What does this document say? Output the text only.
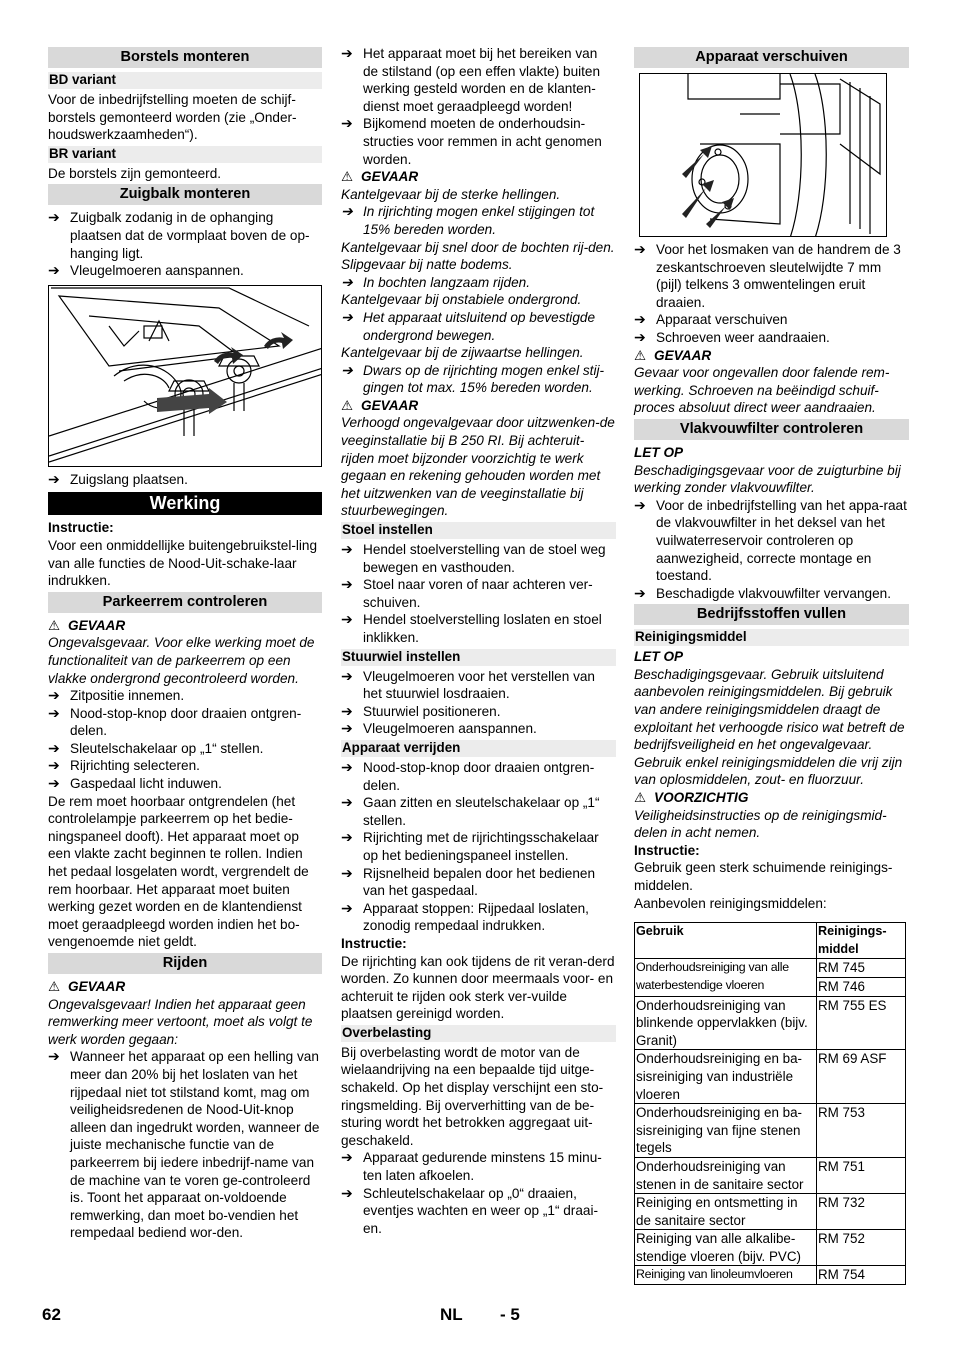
Borstels monteren
BD variant

Voor de inbedrijfstelling moeten de schijf-borstels gemonteerd worden (zie „Onder-houdswerkzaamheden“).

BR variant

De borstels zijn gemonteerd.

Zuigbalk monteren
➔ Zuigbalk zodanig in de ophanging plaatsen dat de vormplaat boven de op-hanging ligt.
➔ Vleugelmoeren aanspannen.
➔ Zuigslang plaatsen.
Werking

Instructie:

Voor een onmiddellijke buitengebruikstel-ling van alle functies de Nood-Uit-schake-laar indrukken.

Parkeerrem controleren

⚠ GEVAAR

Ongevalsgevaar. Voor elke werking moet de functionaliteit van de parkeerrem op een vlakke ondergrond gecontroleerd worden.

➔ Zitpositie innemen.
➔ Nood-stop-knop door draaien ontgren-delen.
➔ Sleutelschakelaar op „1“ stellen.
➔ Rijrichting selecteren.
➔ Gaspedaal licht induwen.

De rem moet hoorbaar ontgrendelen (het controlelampje parkeerrem op het bedie-ningspaneel dooft). Het apparaat moet op een vlakte zacht beginnen te rollen. Indien het pedaal losgelaten wordt, vergrendelt de rem hoorbaar. Het apparaat moet buiten werking gezet worden en de klantendienst moet geraadpleegd worden indien het bo-vengenoemde niet geldt.

Rijden

⚠ GEVAAR

Ongevalsgevaar! Indien het apparaat geen remwerking meer vertoont, moet als volgt te werk worden gegaan:

➔ Wanneer het apparaat op een helling van meer dan 20% bij het loslaten van het rijpedaal niet tot stilstand komt, mag om veiligheidsredenen de Nood-Uit-knop alleen dan ingedrukt worden, wanneer de juiste mechanische functie van de parkeerrem bij iedere inbedrijf-name van de machine van te voren ge-controleerd is. Toont het apparaat on-voldoende remwerking, dan moet bo-vendien het rempedaal bediend wor-den.
➔ Het apparaat moet bij het bereiken van de stilstand (op een effen vlakte) buiten werking gesteld worden en de klanten-dienst moet geraadpleegd worden!
➔ Bijkomend moeten de onderhoudsin-structies voor remmen in acht genomen worden.

⚠ GEVAAR

Kantelgevaar bij de sterke hellingen.

➔ In rijrichting mogen enkel stijgingen tot 15% bereden worden.

Kantelgevaar bij snel door de bochten rij-den.

Slipgevaar bij natte bodems.

➔ In bochten langzaam rijden.

Kantelgevaar bij onstabiele ondergrond.

➔ Het apparaat uitsluitend op bevestigde ondergrond bewegen.

Kantelgevaar bij de zijwaartse hellingen.

➔ Dwars op de rijrichting mogen enkel stij-gingen tot max. 15% bereden worden.

⚠ GEVAAR

Verhoogd ongevalgevaar door uitzwenken-de veeginstallatie bij B 250 RI. Bij achteruit-rijden moet bijzonder voorzichtig te werk gegaan en rekening gehouden worden met het uitzwenken van de veeginstallatie bij stuurbewegingen.

Stoel instellen
➔ Hendel stoelverstelling van de stoel weg bewegen en vasthouden.
➔ Stoel naar voren of naar achteren ver-schuiven.
➔ Hendel stoelverstelling loslaten en stoel inklikken.
Stuurwiel instellen
➔ Vleugelmoeren voor het verstellen van het stuurwiel losdraaien.
➔ Stuurwiel positioneren.
➔ Vleugelmoeren aanspannen.
Apparaat verrijden
➔ Nood-stop-knop door draaien ontgren-delen.
➔ Gaan zitten en sleutelschakelaar op „1“ stellen.
➔ Rijrichting met de rijrichtingsschakelaar op het bedieningspaneel instellen.
➔ Rijsnelheid bepalen door het bedienen van het gaspedaal.
➔ Apparaat stoppen: Rijpedaal loslaten, zonodig rempedaal indrukken.

Instructie:

De rijrichting kan ook tijdens de rit veran-derd worden. Zo kunnen door meermaals voor- en achteruit te rijden ook sterk ver-vuilde plaatsen gereinigd worden.

Overbelasting

Bij overbelasting wordt de motor van de wielaandrijving na een bepaalde tijd uitge-schakeld. Op het display verschijnt een sto-ringsmelding. Bij oververhitting van de be-sturing wordt het betrokken aggregaat uit-geschakeld.

➔ Apparaat gedurende minstens 15 minu-ten laten afkoelen.
➔ Schleutelschakelaar op „0“ draaien, eventjes wachten en weer op „1“ draai-en.
Apparaat verschuiven
➔ Voor het losmaken van de handrem de 3 zeskantschroeven sleutelwijdte 7 mm (pijl) telkens 3 omwentelingen eruit draaien.
➔ Apparaat verschuiven
➔ Schroeven weer aandraaien.

⚠ GEVAAR

Gevaar voor ongevallen door falende rem-werking. Schroeven na beëindigd schuif-proces absoluut direct weer aandraaien.

Vlakvouwfilter controleren

LET OP

Beschadigingsgevaar voor de zuigturbine bij werking zonder vlakvouwfilter.

➔ Voor de inbedrijfstelling van het appa-raat de vlakvouwfilter in het deksel van het vuilwaterreservoir controleren op aanwezigheid, correcte montage en toestand.
➔ Beschadigde vlakvouwfilter vervangen.
Bedrijfsstoffen vullen
Reinigingsmiddel

LET OP

Beschadigingsgevaar. Gebruik uitsluitend aanbevolen reinigingsmiddelen. Bij gebruik van andere reinigingsmiddelen draagt de exploitant het verhoogde risico wat betreft de bedrijfsveiligheid en het ongevalgevaar. Gebruik enkel reinigingsmiddelen die vrij zijn van oplosmiddelen, zout- en fluorzuur.

⚠ VOORZICHTIG

Veiligheidsinstructies op de reinigingsmid-delen in acht nemen.

Instructie:

Gebruik geen sterk schuimende reinigings-middelen.

Aanbevolen reinigingsmiddelen:

Gebruik	Reinigings-middel
Onderhoudsreiniging van alle waterbestendige vloeren	RM 745
	RM 746
Onderhoudsreiniging van blinkende oppervlakken (bijv. Granit)	RM 755 ES
Onderhoudsreiniging en ba-sisreiniging van industriële vloeren	RM 69 ASF
Onderhoudsreiniging en ba-sisreiniging van fijne stenen tegels	RM 753
Onderhoudsreiniging van stenen in de sanitaire sector	RM 751
Reiniging en ontsmetting in de sanitaire sector	RM 732
Reiniging van alle alkalibe-stendige vloeren (bijv. PVC)	RM 752
Reiniging van linoleumvloeren	RM 754
62	NL - 5
